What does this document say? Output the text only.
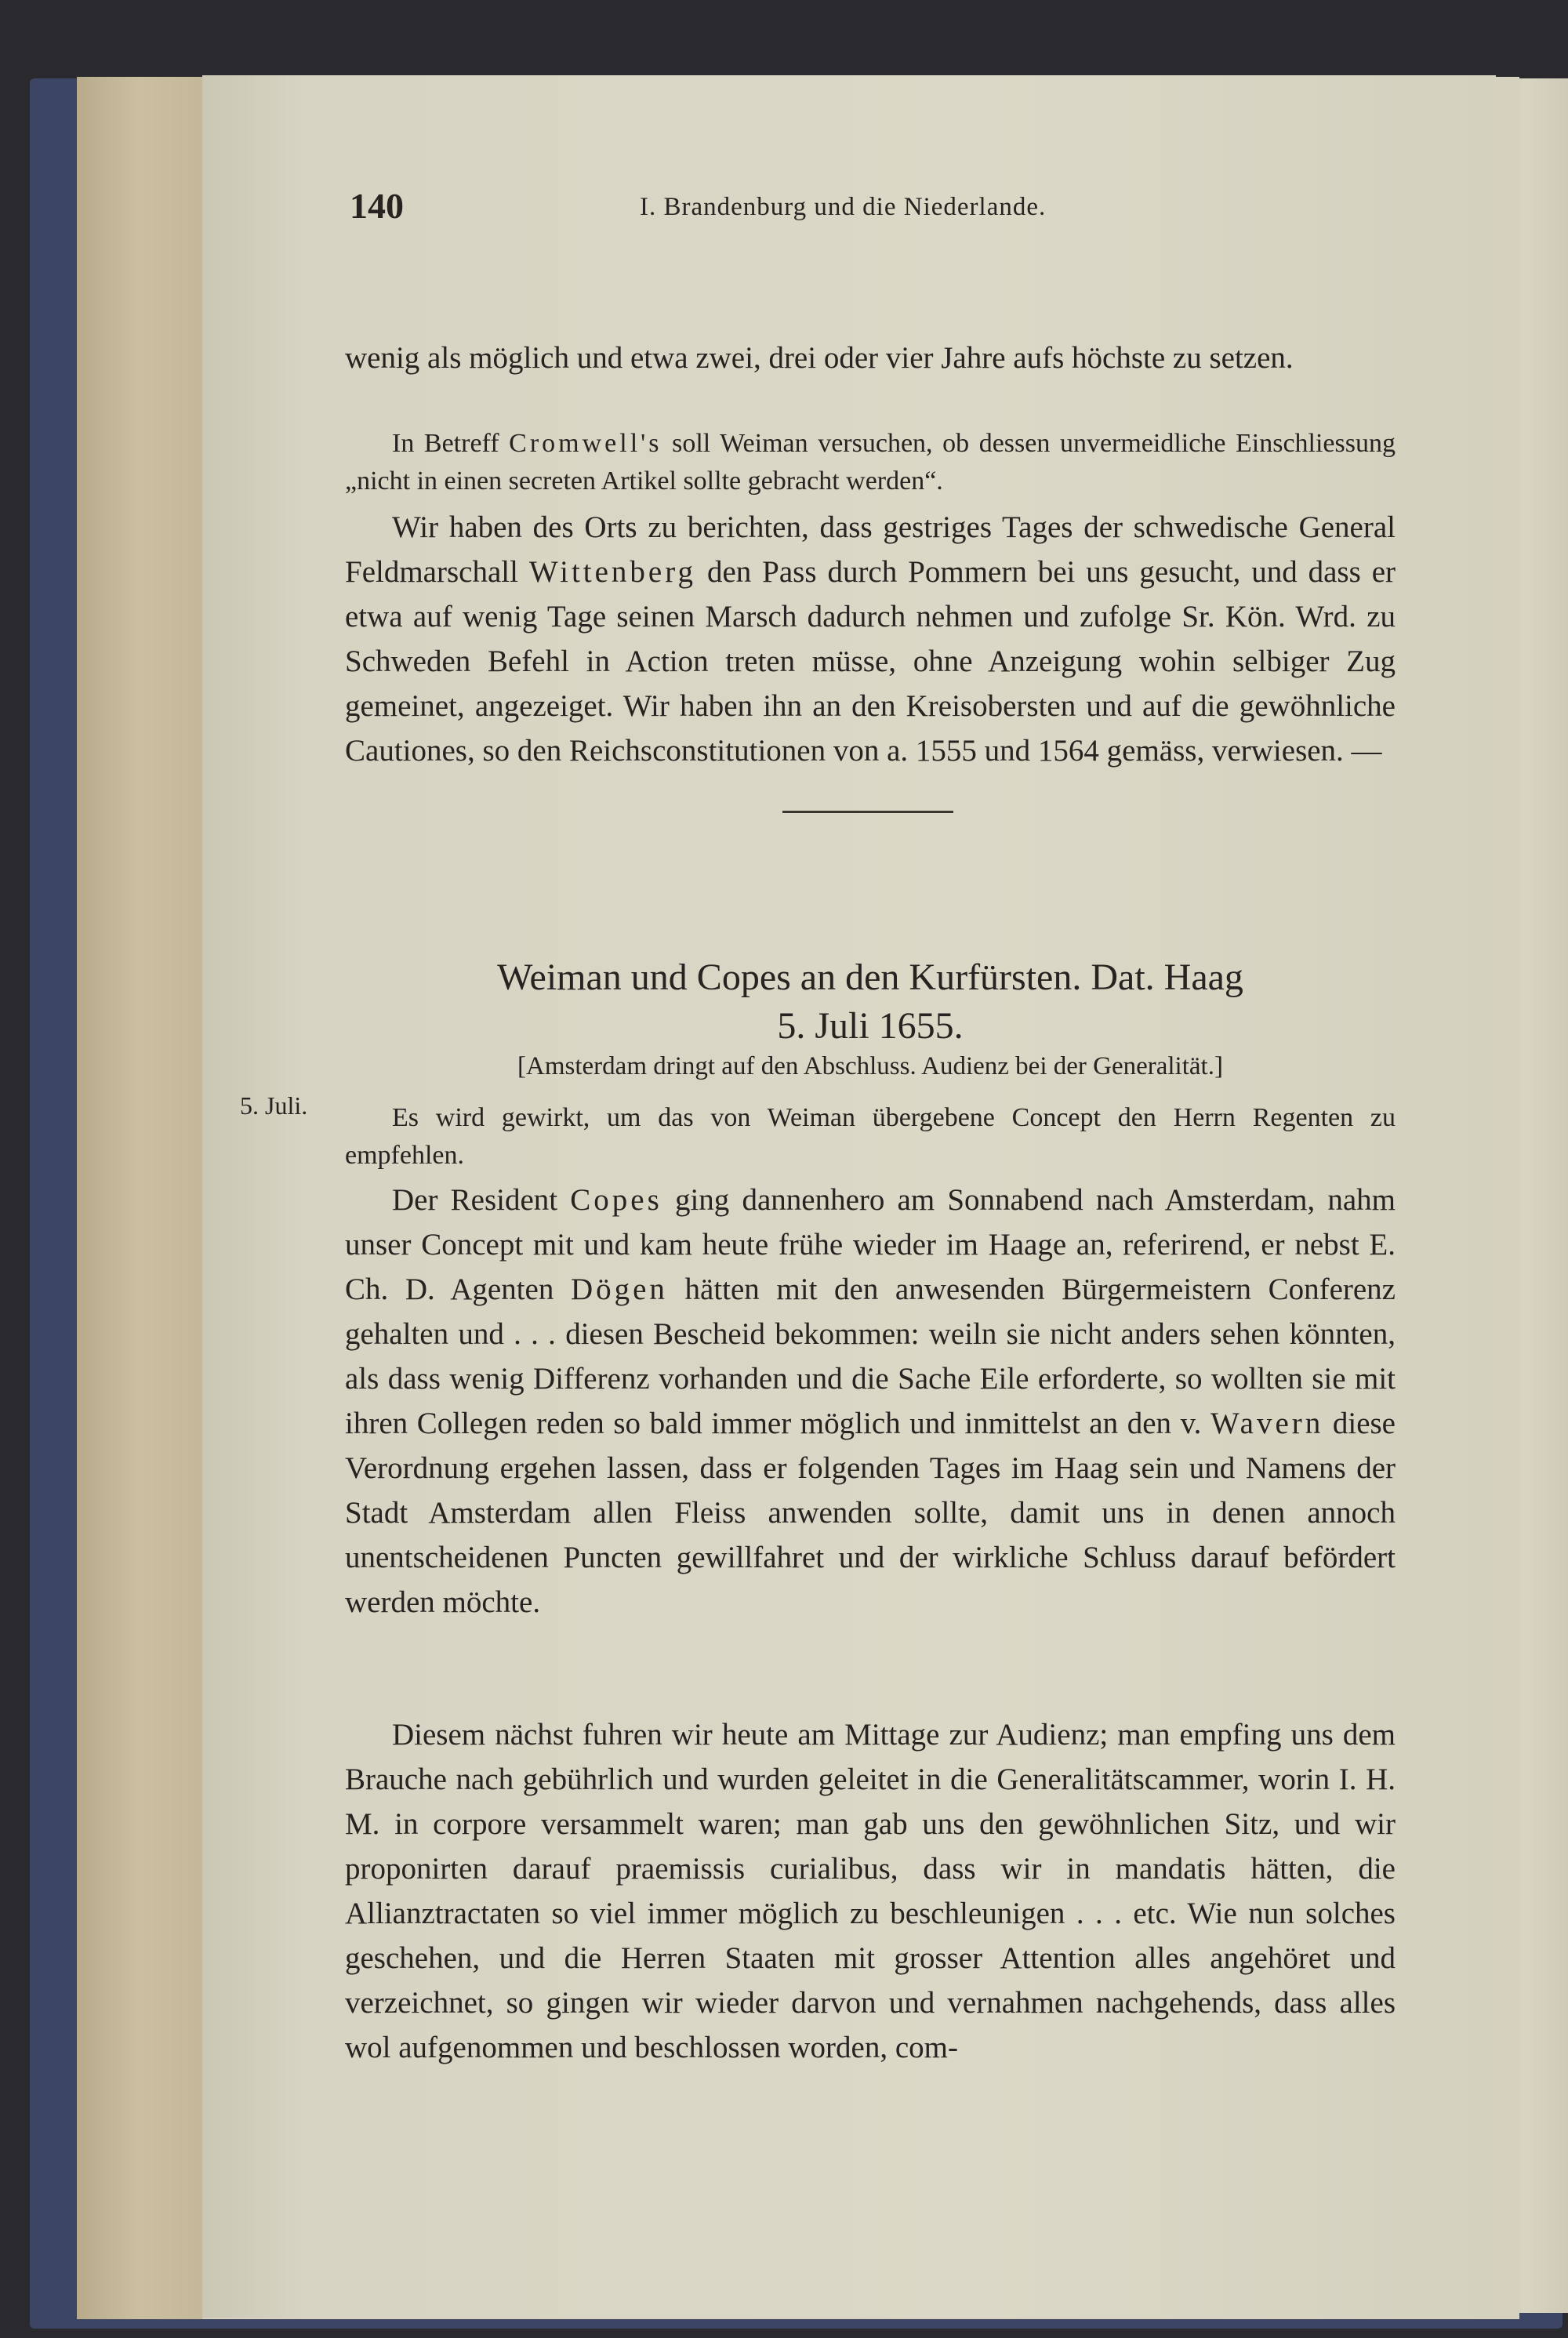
140	I. Brandenburg und die Niederlande.
wenig als möglich und etwa zwei, drei oder vier Jahre aufs höchste zu setzen.
In Betreff Cromwell's soll Weiman versuchen, ob dessen unvermeidliche Einschliessung „nicht in einen secreten Artikel sollte gebracht werden“.
Wir haben des Orts zu berichten, dass gestriges Tages der schwedische General Feldmarschall Wittenberg den Pass durch Pommern bei uns gesucht, und dass er etwa auf wenig Tage seinen Marsch dadurch nehmen und zufolge Sr. Kön. Wrd. zu Schweden Befehl in Action treten müsse, ohne Anzeigung wohin selbiger Zug gemeinet, angezeiget. Wir haben ihn an den Kreisobersten und auf die gewöhnliche Cautiones, so den Reichsconstitutionen von a. 1555 und 1564 gemäss, verwiesen. —
Weiman und Copes an den Kurfürsten. Dat. Haag
5. Juli 1655.
[Amsterdam dringt auf den Abschluss. Audienz bei der Generalität.]
5. Juli.	Es wird gewirkt, um das von Weiman übergebene Concept den Herrn Regenten zu empfehlen.
Der Resident Copes ging dannenhero am Sonnabend nach Amsterdam, nahm unser Concept mit und kam heute frühe wieder im Haage an, referirend, er nebst E. Ch. D. Agenten Dögen hätten mit den anwesenden Bürgermeistern Conferenz gehalten und . . . diesen Bescheid bekommen: weiln sie nicht anders sehen könnten, als dass wenig Differenz vorhanden und die Sache Eile erforderte, so wollten sie mit ihren Collegen reden so bald immer möglich und inmittelst an den v. Wavern diese Verordnung ergehen lassen, dass er folgenden Tages im Haag sein und Namens der Stadt Amsterdam allen Fleiss anwenden sollte, damit uns in denen annoch unentscheidenen Puncten gewillfahret und der wirkliche Schluss darauf befördert werden möchte.
Diesem nächst fuhren wir heute am Mittage zur Audienz; man empfing uns dem Brauche nach gebührlich und wurden geleitet in die Generalitätscammer, worin I. H. M. in corpore versammelt waren; man gab uns den gewöhnlichen Sitz, und wir proponirten darauf praemissis curialibus, dass wir in mandatis hätten, die Allianztractaten so viel immer möglich zu beschleunigen . . . etc. Wie nun solches geschehen, und die Herren Staaten mit grosser Attention alles angehöret und verzeichnet, so gingen wir wieder darvon und vernahmen nachgehends, dass alles wol aufgenommen und beschlossen worden, com-
